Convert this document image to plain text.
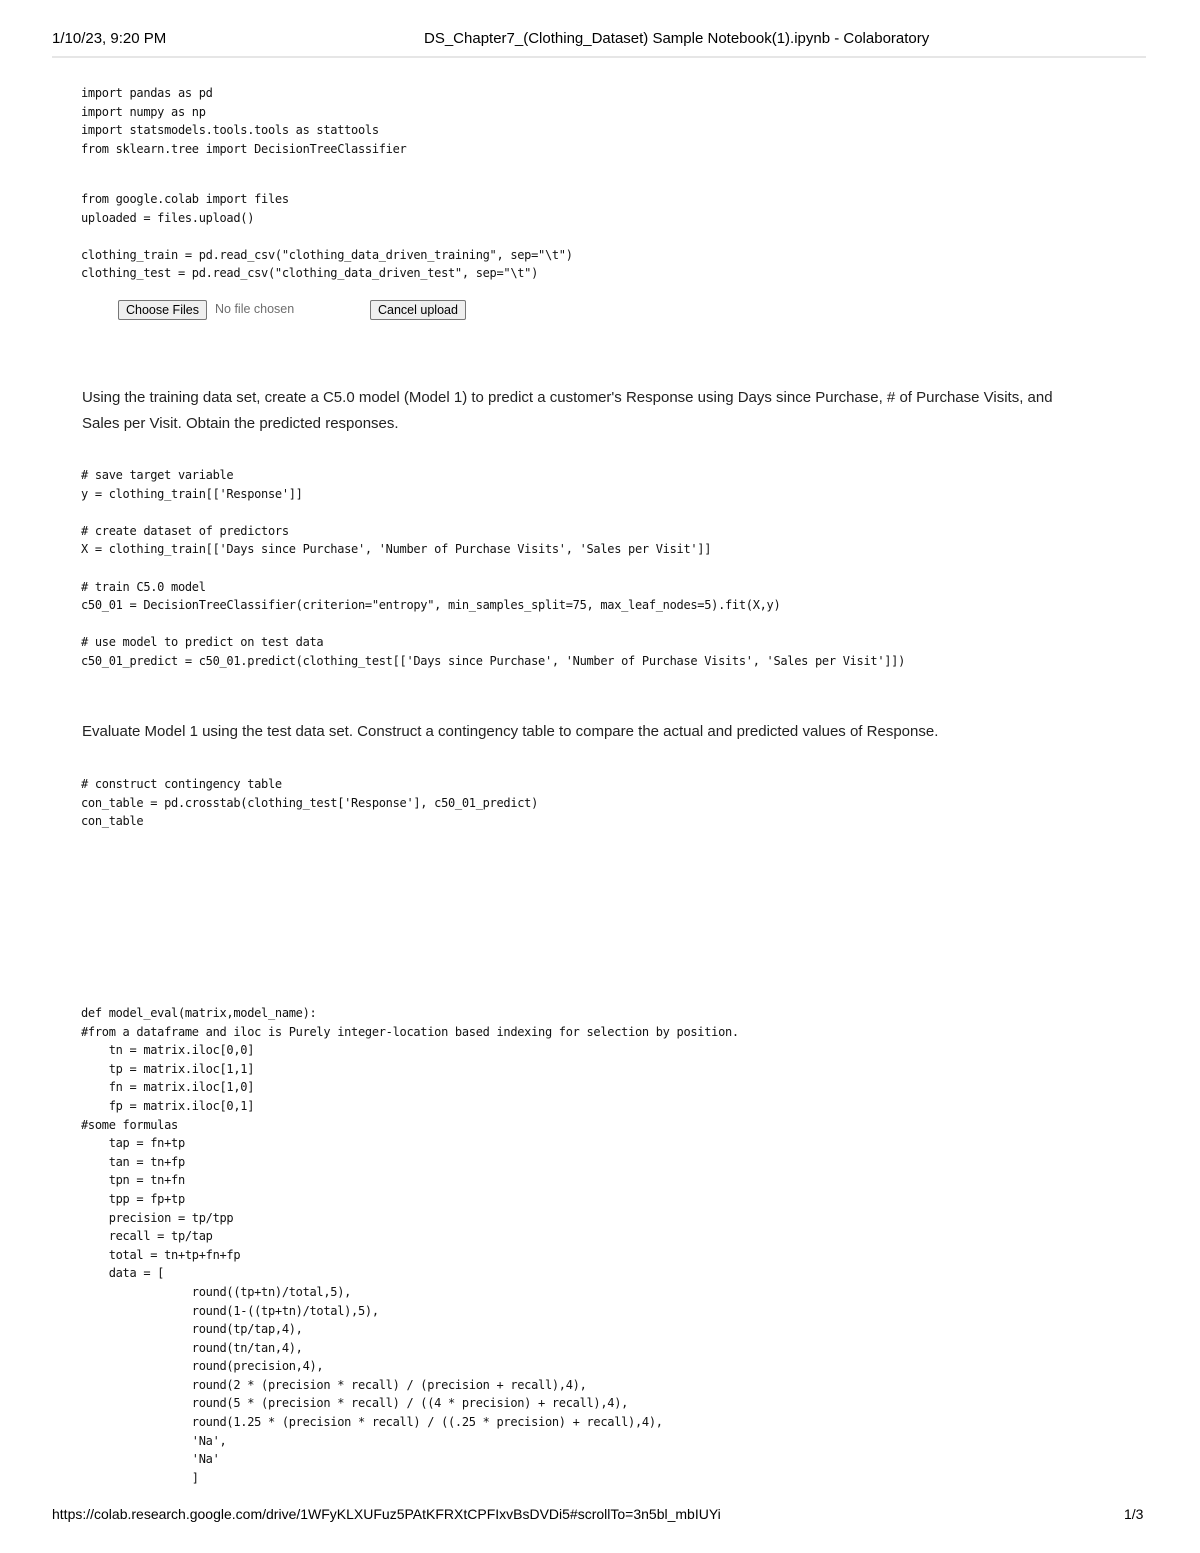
1/10/23, 9:20 PM	DS_Chapter7_(Clothing_Dataset) Sample Notebook(1).ipynb - Colaboratory
import pandas as pd
import numpy as np
import statsmodels.tools.tools as stattools
from sklearn.tree import DecisionTreeClassifier
from google.colab import files
uploaded = files.upload()

clothing_train = pd.read_csv("clothing_data_driven_training", sep="\t")
clothing_test = pd.read_csv("clothing_data_driven_test", sep="\t")
Choose Files	No file chosen	Cancel upload

Using the training data set, create a C5.0 model (Model 1) to predict a customer's Response using Days since Purchase, # of Purchase Visits, and Sales per Visit. Obtain the predicted responses.

# save target variable
y = clothing_train[['Response']]

# create dataset of predictors
X = clothing_train[['Days since Purchase', 'Number of Purchase Visits', 'Sales per Visit']]

# train C5.0 model
c50_01 = DecisionTreeClassifier(criterion="entropy", min_samples_split=75, max_leaf_nodes=5).fit(X,y)

# use model to predict on test data
c50_01_predict = c50_01.predict(clothing_test[['Days since Purchase', 'Number of Purchase Visits', 'Sales per Visit']])

Evaluate Model 1 using the test data set. Construct a contingency table to compare the actual and predicted values of Response.

# construct contingency table
con_table = pd.crosstab(clothing_test['Response'], c50_01_predict)
con_table
def model_eval(matrix,model_name):
#from a dataframe and iloc is Purely integer-location based indexing for selection by position.
tn = matrix.iloc[0,0]
tp = matrix.iloc[1,1]
fn = matrix.iloc[1,0]
fp = matrix.iloc[0,1]
#some formulas
tap = fn+tp
tan = tn+fp
tpn = tn+fn
tpp = fp+tp
precision = tp/tpp
recall = tp/tap
total = tn+tp+fn+fp
data = [
round((tp+tn)/total,5),
round(1-((tp+tn)/total),5),
round(tp/tap,4),
round(tn/tan,4),
round(precision,4),
round(2 * (precision * recall) / (precision + recall),4),
round(5 * (precision * recall) / ((4 * precision) + recall),4),
round(1.25 * (precision * recall) / ((.25 * precision) + recall),4),
'Na',
'Na'
]
https://colab.research.google.com/drive/1WFyKLXUFuz5PAtKFRXtCPFIxvBsDVDi5#scrollTo=3n5bl_mbIUYi	1/3
